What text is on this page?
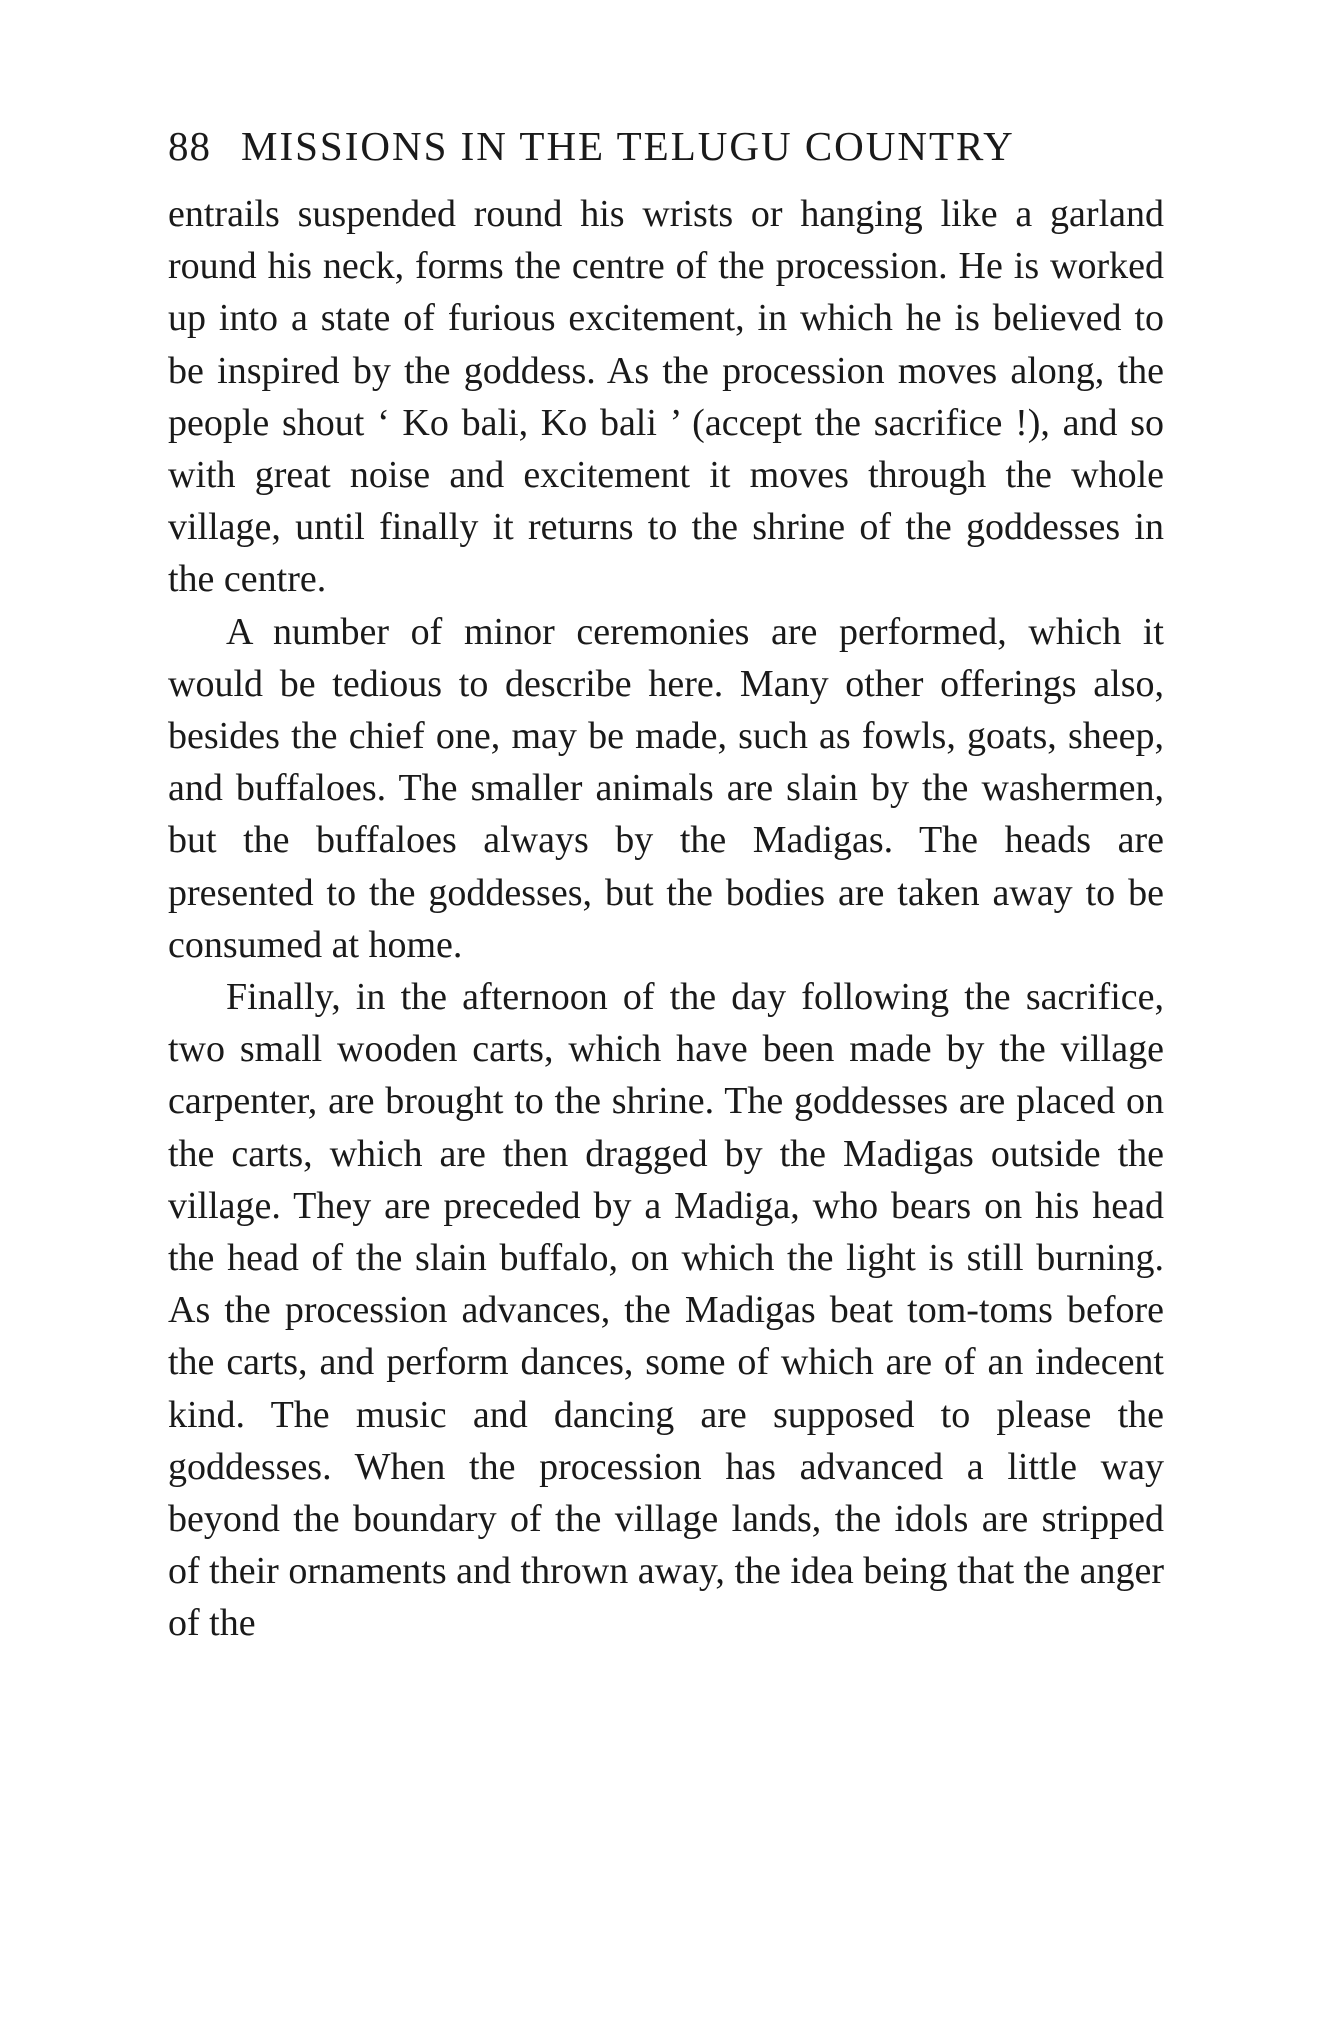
88 MISSIONS IN THE TELUGU COUNTRY

entrails suspended round his wrists or hanging like a garland round his neck, forms the centre of the procession. He is worked up into a state of furious excitement, in which he is believed to be inspired by the goddess. As the procession moves along, the people shout ‘ Ko bali, Ko bali ’ (accept the sacrifice !), and so with great noise and excitement it moves through the whole village, until finally it returns to the shrine of the goddesses in the centre.

A number of minor ceremonies are performed, which it would be tedious to describe here. Many other offerings also, besides the chief one, may be made, such as fowls, goats, sheep, and buffaloes. The smaller animals are slain by the washermen, but the buffaloes always by the Madigas. The heads are presented to the goddesses, but the bodies are taken away to be consumed at home.

Finally, in the afternoon of the day following the sacrifice, two small wooden carts, which have been made by the village carpenter, are brought to the shrine. The goddesses are placed on the carts, which are then dragged by the Madigas outside the village. They are preceded by a Madiga, who bears on his head the head of the slain buffalo, on which the light is still burning. As the procession advances, the Madigas beat tom-toms before the carts, and perform dances, some of which are of an indecent kind. The music and dancing are supposed to please the goddesses. When the procession has advanced a little way beyond the boundary of the village lands, the idols are stripped of their ornaments and thrown away, the idea being that the anger of the
